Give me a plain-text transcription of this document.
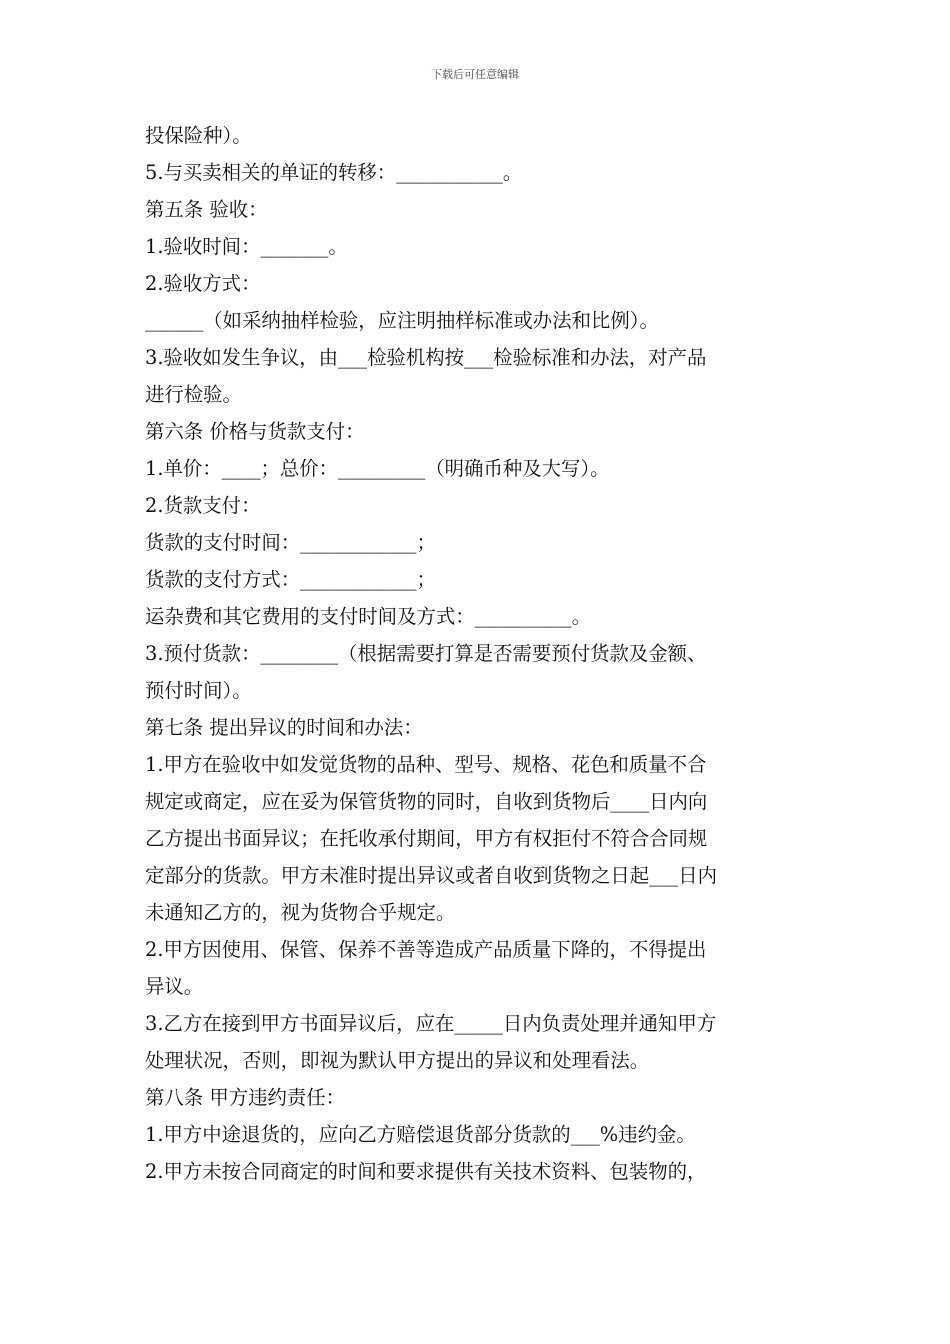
下载后可任意编辑
投保险种）。
5.与买卖相关的单证的转移：___________。
第五条 验收：
1.验收时间：_______。
2.验收方式：
______（如采纳抽样检验，应注明抽样标准或办法和比例）。
3.验收如发生争议，由___检验机构按___检验标准和办法，对产品
进行检验。
第六条 价格与货款支付：
1.单价：____；总价：_________（明确币种及大写）。
2.货款支付：
货款的支付时间：____________；
货款的支付方式：____________；
运杂费和其它费用的支付时间及方式：__________。
3.预付货款：________（根据需要打算是否需要预付货款及金额、
预付时间）。
第七条 提出异议的时间和办法：
1.甲方在验收中如发觉货物的品种、型号、规格、花色和质量不合
规定或商定，应在妥为保管货物的同时，自收到货物后____日内向
乙方提出书面异议；在托收承付期间，甲方有权拒付不符合合同规
定部分的货款。甲方未准时提出异议或者自收到货物之日起___日内
未通知乙方的，视为货物合乎规定。
2.甲方因使用、保管、保养不善等造成产品质量下降的，不得提出
异议。
3.乙方在接到甲方书面异议后，应在_____日内负责处理并通知甲方
处理状况，否则，即视为默认甲方提出的异议和处理看法。
第八条 甲方违约责任：
1.甲方中途退货的，应向乙方赔偿退货部分货款的___%违约金。
2.甲方未按合同商定的时间和要求提供有关技术资料、包装物的，
